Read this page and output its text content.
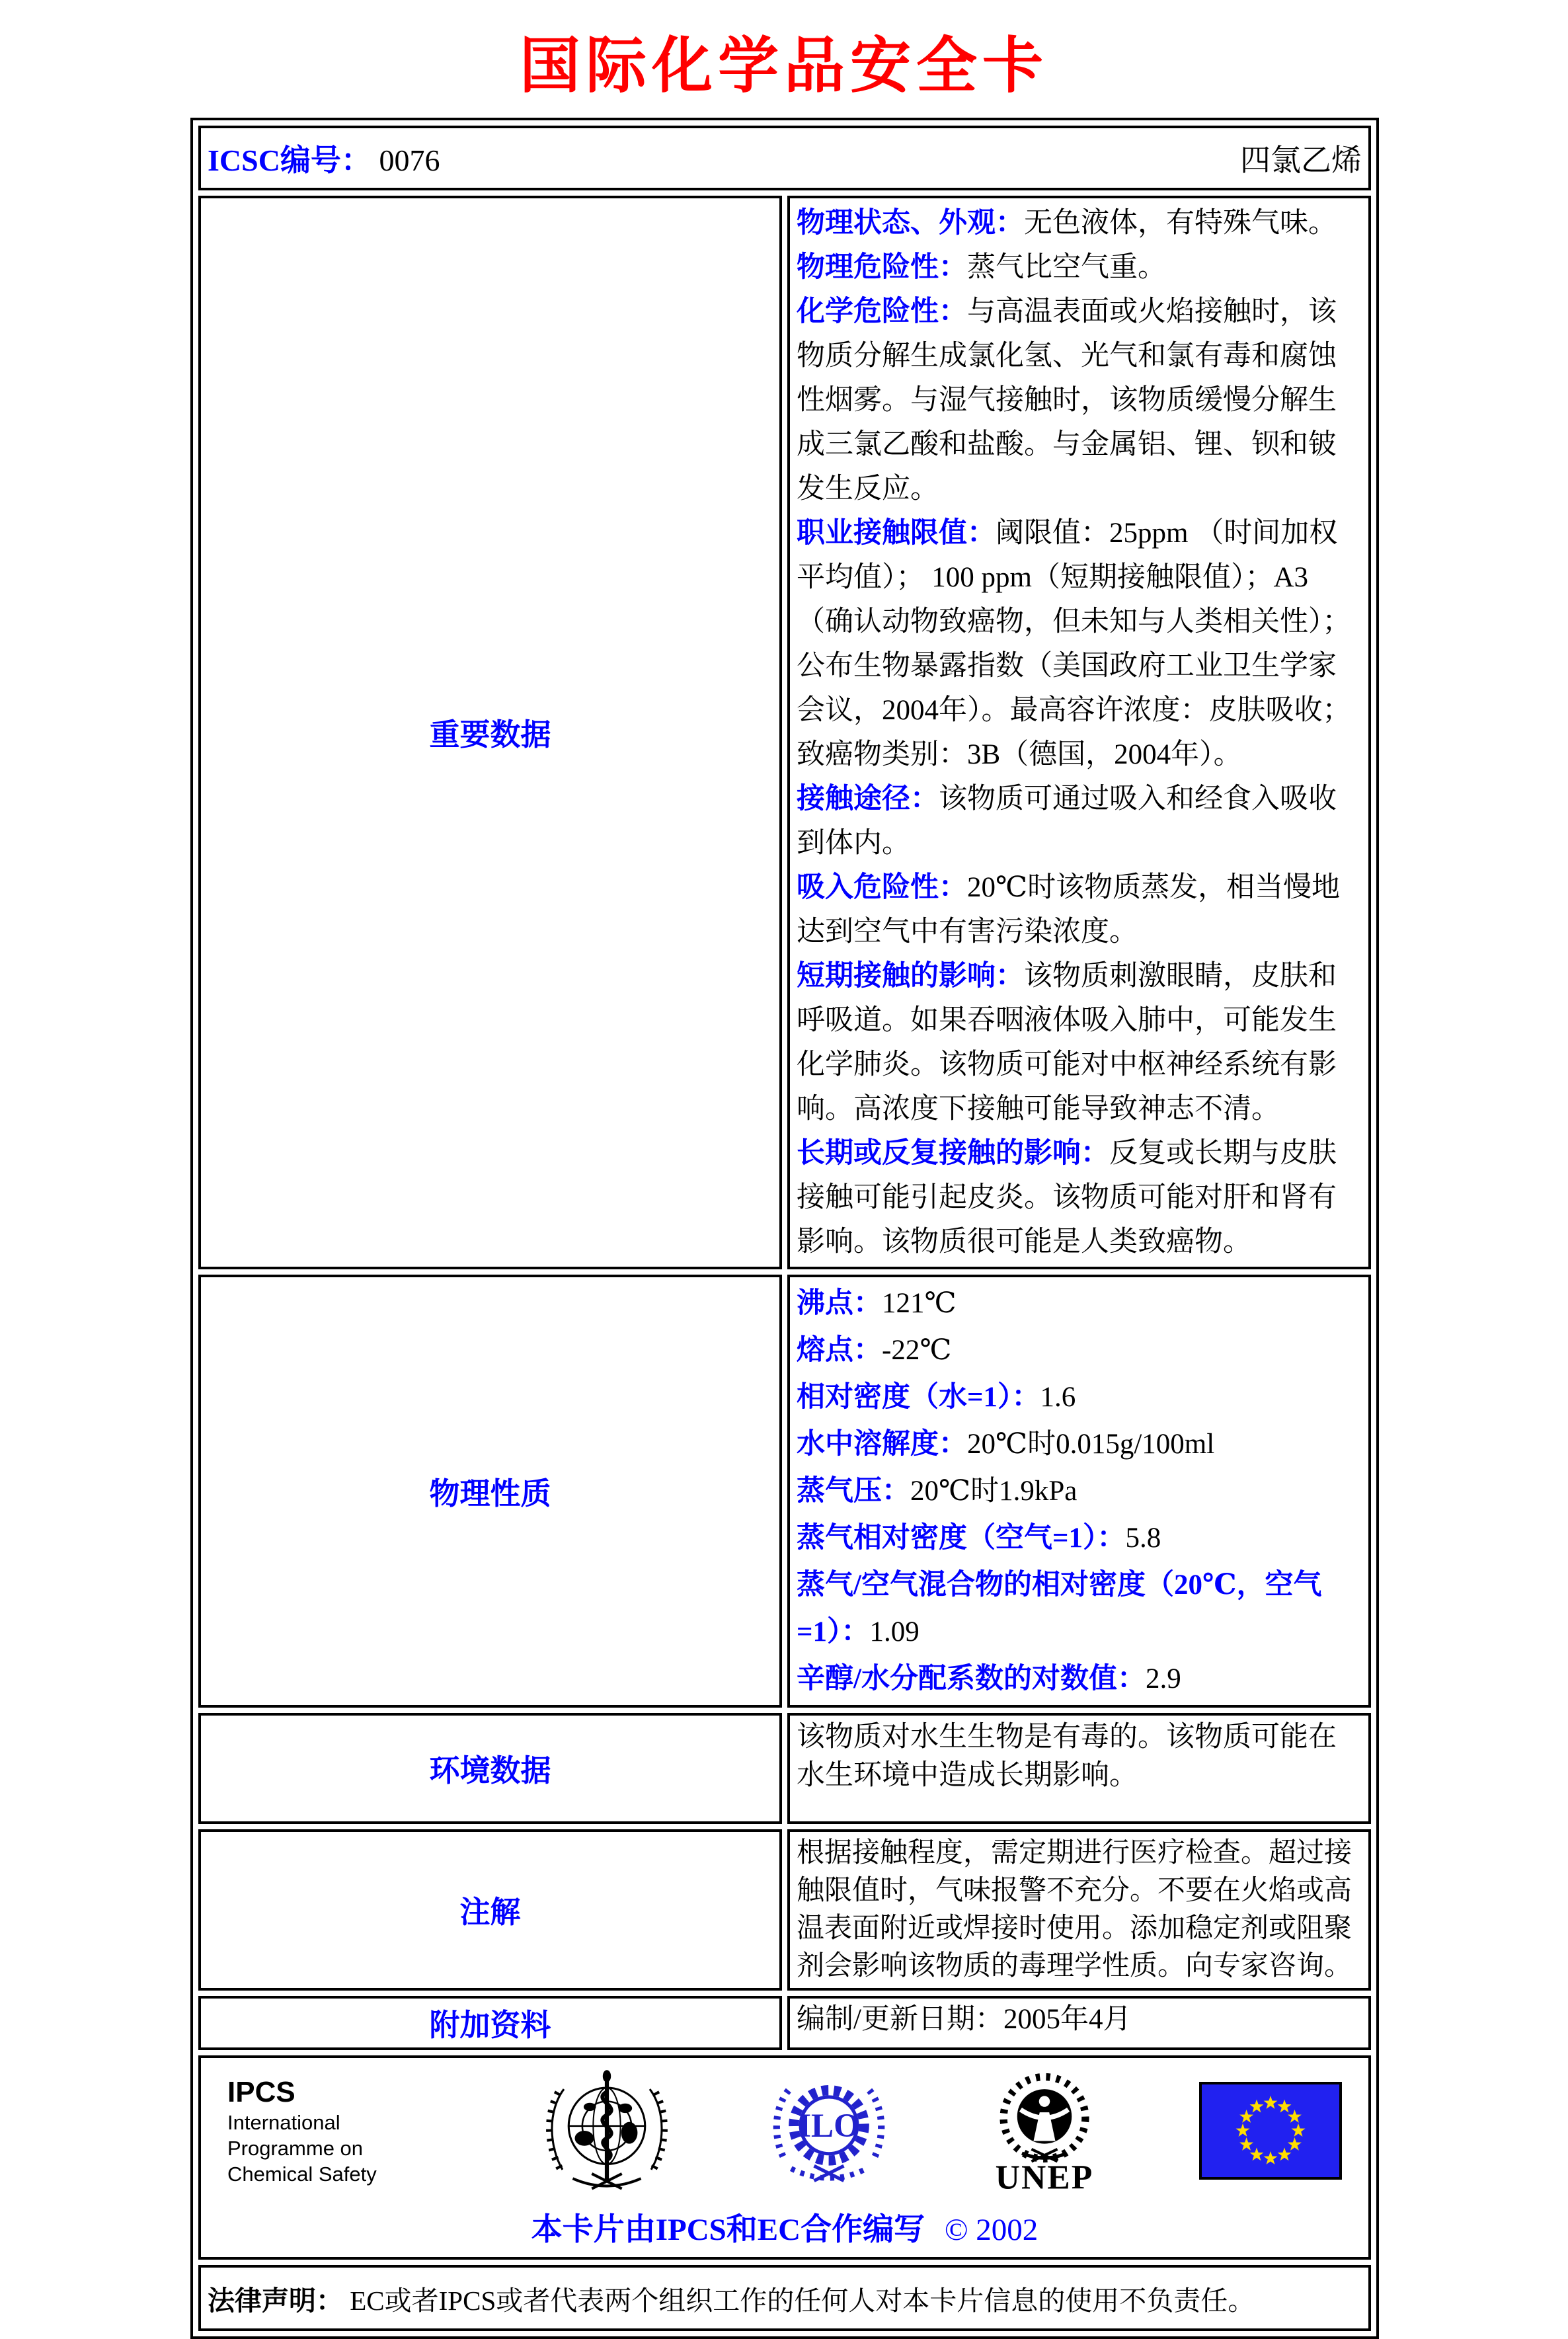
国际化学品安全卡
ICSC编号： 0076 四氯乙烯	

重要数据	
物理状态、外观：无色液体，有特殊气味。
物理危险性：蒸气比空气重。
化学危险性：与高温表面或火焰接触时，该物质分解生成氯化氢、光气和氯有毒和腐蚀性烟雾。与湿气接触时，该物质缓慢分解生成三氯乙酸和盐酸。与金属铝、锂、钡和铍发生反应。
职业接触限值：阈限值：25ppm （时间加权平均值）； 100 ppm（短期接触限值）；A3（确认动物致癌物，但未知与人类相关性）；公布生物暴露指数（美国政府工业卫生学家会议，2004年）。最高容许浓度：皮肤吸收；致癌物类别：3B（德国，2004年）。
接触途径：该物质可通过吸入和经食入吸收到体内。
吸入危险性：20℃时该物质蒸发，相当慢地达到空气中有害污染浓度。
短期接触的影响：该物质刺激眼睛，皮肤和呼吸道。如果吞咽液体吸入肺中，可能发生化学肺炎。该物质可能对中枢神经系统有影响。高浓度下接触可能导致神志不清。
长期或反复接触的影响：反复或长期与皮肤接触可能引起皮炎。该物质可能对肝和肾有影响。该物质很可能是人类致癌物。

物理性质	
沸点：121℃
熔点：-22℃
相对密度（水=1）：1.6
水中溶解度：20℃时0.015g/100ml
蒸气压：20℃时1.9kPa
蒸气相对密度（空气=1）：5.8
蒸气/空气混合物的相对密度（20℃，空气=1）：1.09
辛醇/水分配系数的对数值：2.9

环境数据	该物质对水生生物是有毒的。该物质可能在水生环境中造成长期影响。
注解	根据接触程度，需定期进行医疗检查。超过接触限值时，气味报警不充分。不要在火焰或高温表面附近或焊接时使用。添加稳定剂或阻聚剂会影响该物质的毒理学性质。向专家咨询。
附加资料	编制/更新日期：2005年4月

IPCS
International
Programme on
Chemical Safety
ILO
UNEP
本卡片由IPCS和EC合作编写 © 2002

法律声明： EC或者IPCS或者代表两个组织工作的任何人对本卡片信息的使用不负责任。	
